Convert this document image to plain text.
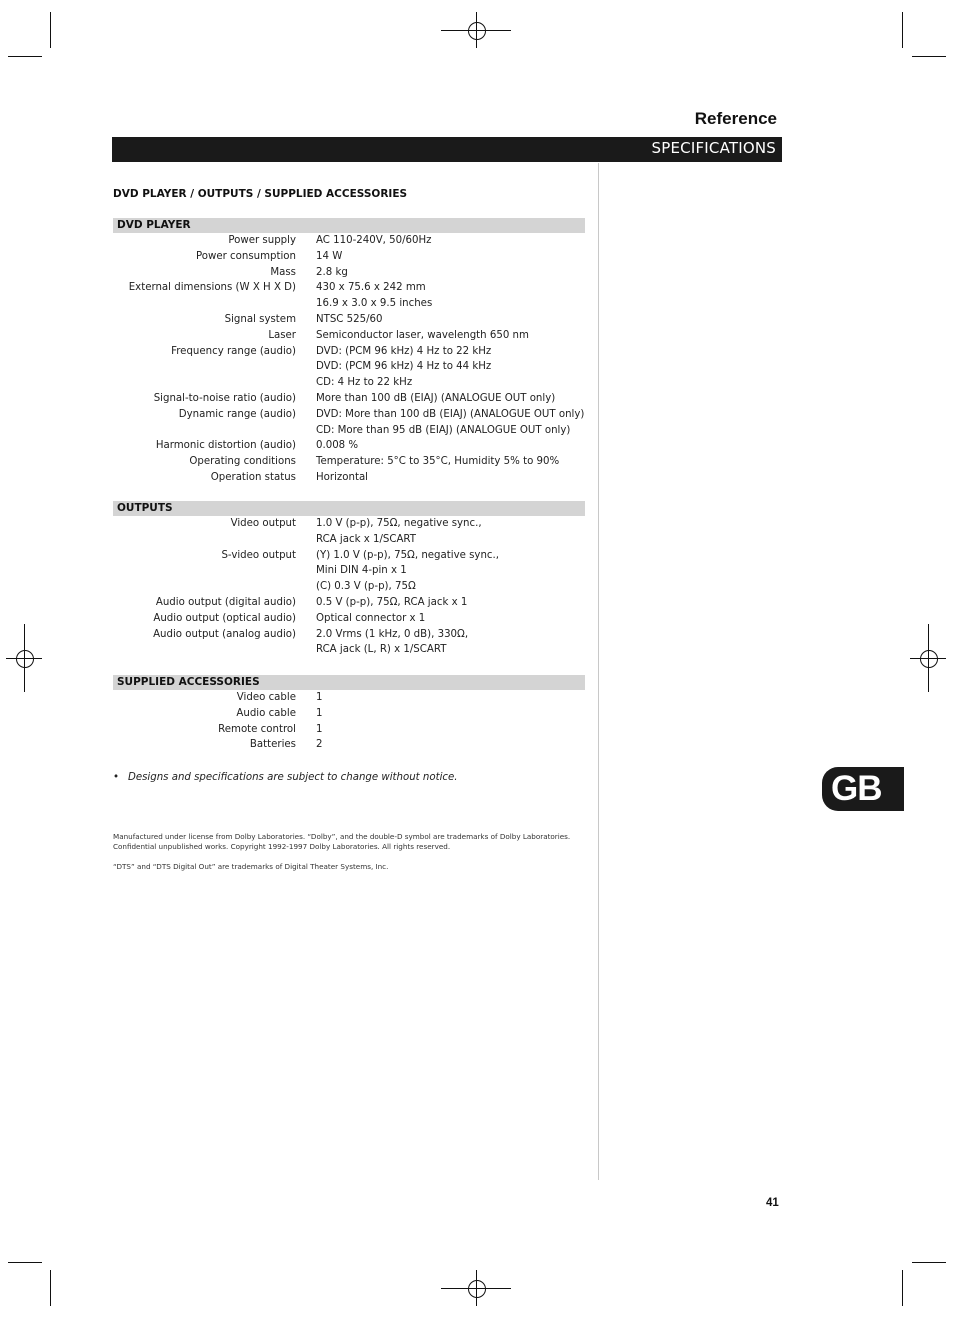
Reference
SPECIFICATIONS
DVD PLAYER / OUTPUTS / SUPPLIED ACCESSORIES
DVD PLAYER
Power supply AC 110-240V, 50/60Hz
Power consumption 14 W
Mass 2.8 kg
External dimensions (W X H X D) 430 x 75.6 x 242 mm
16.9 x 3.0 x 9.5 inches
Signal system NTSC 525/60
Laser Semiconductor laser, wavelength 650 nm
Frequency range (audio) DVD: (PCM 96 kHz) 4 Hz to 22 kHz
DVD: (PCM 96 kHz) 4 Hz to 44 kHz
CD: 4 Hz to 22 kHz
Signal-to-noise ratio (audio) More than 100 dB (EIAJ) (ANALOGUE OUT only)
Dynamic range (audio) DVD: More than 100 dB (EIAJ) (ANALOGUE OUT only)
CD: More than 95 dB (EIAJ) (ANALOGUE OUT only)
Harmonic distortion (audio) 0.008 %
Operating conditions Temperature: 5°C to 35°C, Humidity 5% to 90%
Operation status Horizontal
OUTPUTS
Video output 1.0 V (p-p), 75Ω, negative sync.,
RCA jack x 1/SCART
S-video output (Y) 1.0 V (p-p), 75Ω, negative sync.,
Mini DIN 4-pin x 1
(C) 0.3 V (p-p), 75Ω
Audio output (digital audio) 0.5 V (p-p), 75Ω, RCA jack x 1
Audio output (optical audio) Optical connector x 1
Audio output (analog audio) 2.0 Vrms (1 kHz, 0 dB), 330Ω,
RCA jack (L, R) x 1/SCART
SUPPLIED ACCESSORIES
Video cable 1
Audio cable 1
Remote control 1
Batteries 2
• Designs and specifications are subject to change without notice.
Manufactured under license from Dolby Laboratories. “Dolby”, and the double-D symbol are trademarks of Dolby Laboratories.
Confidential unpublished works. Copyright 1992-1997 Dolby Laboratories. All rights reserved.
“DTS” and “DTS Digital Out” are trademarks of Digital Theater Systems, Inc.
GB
41
